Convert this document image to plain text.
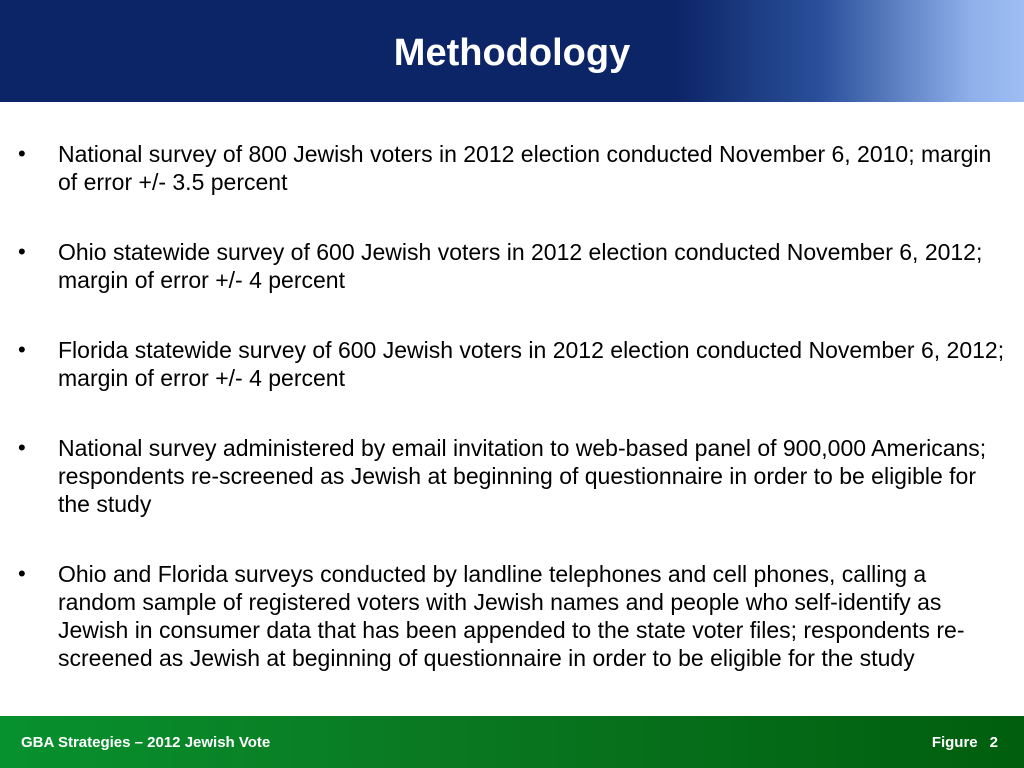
Methodology
• National survey of 800 Jewish voters in 2012 election conducted November 6, 2010; margin of error +/- 3.5 percent
• Ohio statewide survey of 600 Jewish voters in 2012 election conducted November 6, 2012; margin of error +/- 4 percent
• Florida statewide survey of 600 Jewish voters in 2012 election conducted November 6, 2012; margin of error +/- 4 percent
• National survey administered by email invitation to web-based panel of 900,000 Americans; respondents re-screened as Jewish at beginning of questionnaire in order to be eligible for the study
• Ohio and Florida surveys conducted by landline telephones and cell phones, calling a random sample of registered voters with Jewish names and people who self-identify as Jewish in consumer data that has been appended to the state voter files; respondents re-screened as Jewish at beginning of questionnaire in order to be eligible for the study
GBA Strategies – 2012 Jewish Vote	Figure 2
